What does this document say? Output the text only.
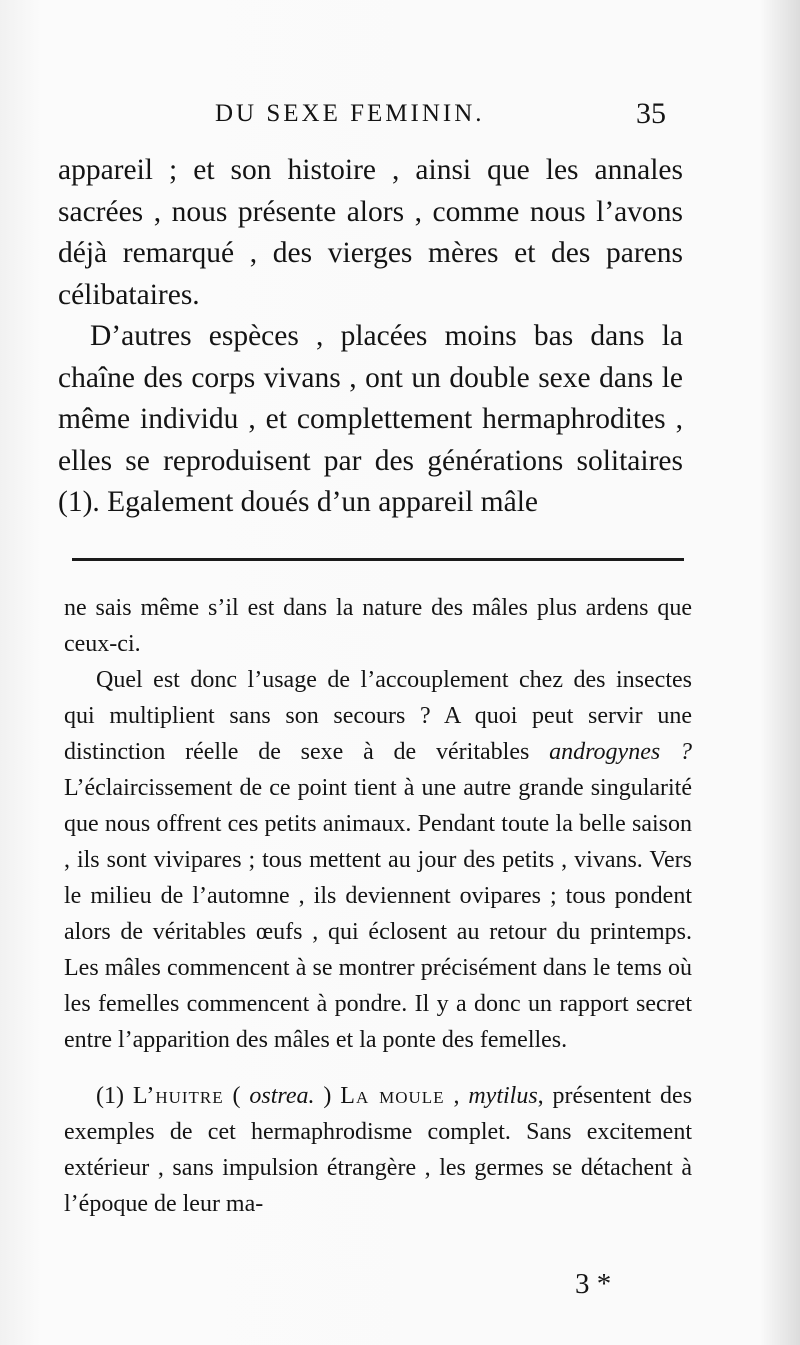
DU SEXE FEMININ.	35

appareil ; et son histoire , ainsi que les annales sacrées , nous présente alors , comme nous l’avons déjà remarqué , des vierges mères et des parens célibataires.

D’autres espèces , placées moins bas dans la chaîne des corps vivans , ont un double sexe dans le même individu , et complettement hermaphrodites , elles se reproduisent par des générations solitaires (1). Egalement doués d’un appareil mâle

ne sais même s’il est dans la nature des mâles plus ardens que ceux-ci.

Quel est donc l’usage de l’accouplement chez des insectes qui multiplient sans son secours ? A quoi peut servir une distinction réelle de sexe à de véritables androgynes ? L’éclaircissement de ce point tient à une autre grande singularité que nous offrent ces petits animaux. Pendant toute la belle saison , ils sont vivipares ; tous mettent au jour des petits , vivans. Vers le milieu de l’automne , ils deviennent ovipares ; tous pondent alors de véritables œufs , qui éclosent au retour du printemps. Les mâles commencent à se montrer précisément dans le tems où les femelles commencent à pondre. Il y a donc un rapport secret entre l’apparition des mâles et la ponte des femelles.

(1) L’huitre ( ostrea. ) La moule , mytilus, présentent des exemples de cet hermaphrodisme complet. Sans excitement extérieur , sans impulsion étrangère , les germes se détachent à l’époque de leur ma-

3 *
